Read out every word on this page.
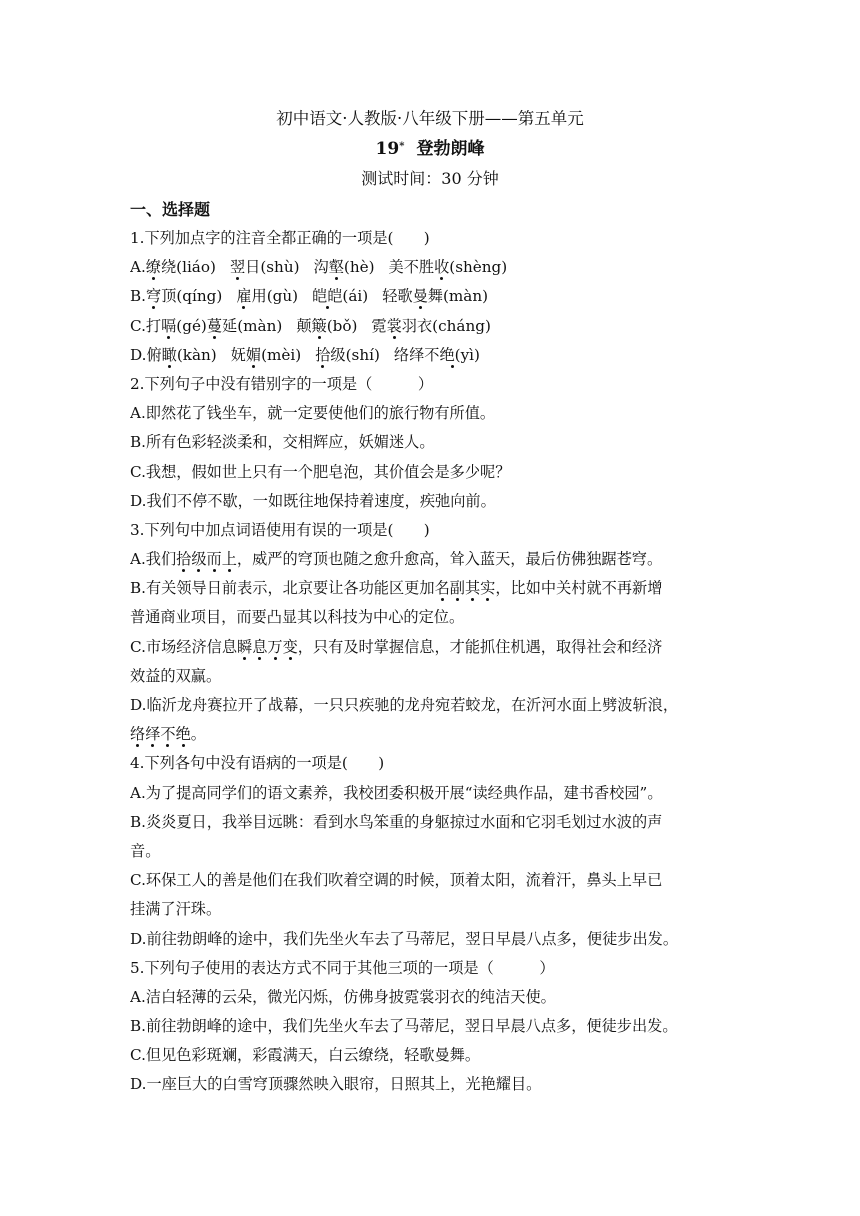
初中语文·人教版·八年级下册——第五单元
19* 登勃朗峰
测试时间：30 分钟
一、选择题
1.下列加点字的注音全都正确的一项是(　　)
A.缭绕(liáo) 翌日(shù) 沟壑(hè) 美不胜收(shèng)
B.穹顶(qíng) 雇用(gù) 皑皑(ái) 轻歌曼舞(màn)
C.打嗝(gé)蔓延(màn) 颠簸(bǒ) 霓裳羽衣(cháng)
D.俯瞰(kàn) 妩媚(mèi) 拾级(shí) 络绎不绝(yì)
2.下列句子中没有错别字的一项是（　　　）
A.即然花了钱坐车，就一定要使他们的旅行物有所值。
B.所有色彩轻淡柔和，交相辉应，妖媚迷人。
C.我想，假如世上只有一个肥皂泡，其价值会是多少呢？
D.我们不停不歇，一如既往地保持着速度，疾弛向前。
3.下列句中加点词语使用有误的一项是(　　)
A.我们拾级而上，威严的穹顶也随之愈升愈高，耸入蓝天，最后仿佛独踞苍穹。
B.有关领导日前表示，北京要让各功能区更加名副其实，比如中关村就不再新增
普通商业项目，而要凸显其以科技为中心的定位。
C.市场经济信息瞬息万变，只有及时掌握信息，才能抓住机遇，取得社会和经济
效益的双赢。
D.临沂龙舟赛拉开了战幕，一只只疾驰的龙舟宛若蛟龙，在沂河水面上劈波斩浪，
络绎不绝。
4.下列各句中没有语病的一项是(　　)
A.为了提高同学们的语文素养，我校团委积极开展“读经典作品，建书香校园”。
B.炎炎夏日，我举目远眺：看到水鸟笨重的身躯掠过水面和它羽毛划过水波的声
音。
C.环保工人的善是他们在我们吹着空调的时候，顶着太阳，流着汗，鼻头上早已
挂满了汗珠。
D.前往勃朗峰的途中，我们先坐火车去了马蒂尼，翌日早晨八点多，便徒步出发。
5.下列句子使用的表达方式不同于其他三项的一项是（　　　）
A.洁白轻薄的云朵，微光闪烁，仿佛身披霓裳羽衣的纯洁天使。
B.前往勃朗峰的途中，我们先坐火车去了马蒂尼，翌日早晨八点多，便徒步出发。
C.但见色彩斑斓，彩霞满天，白云缭绕，轻歌曼舞。
D.一座巨大的白雪穹顶骤然映入眼帘，日照其上，光艳耀目。
